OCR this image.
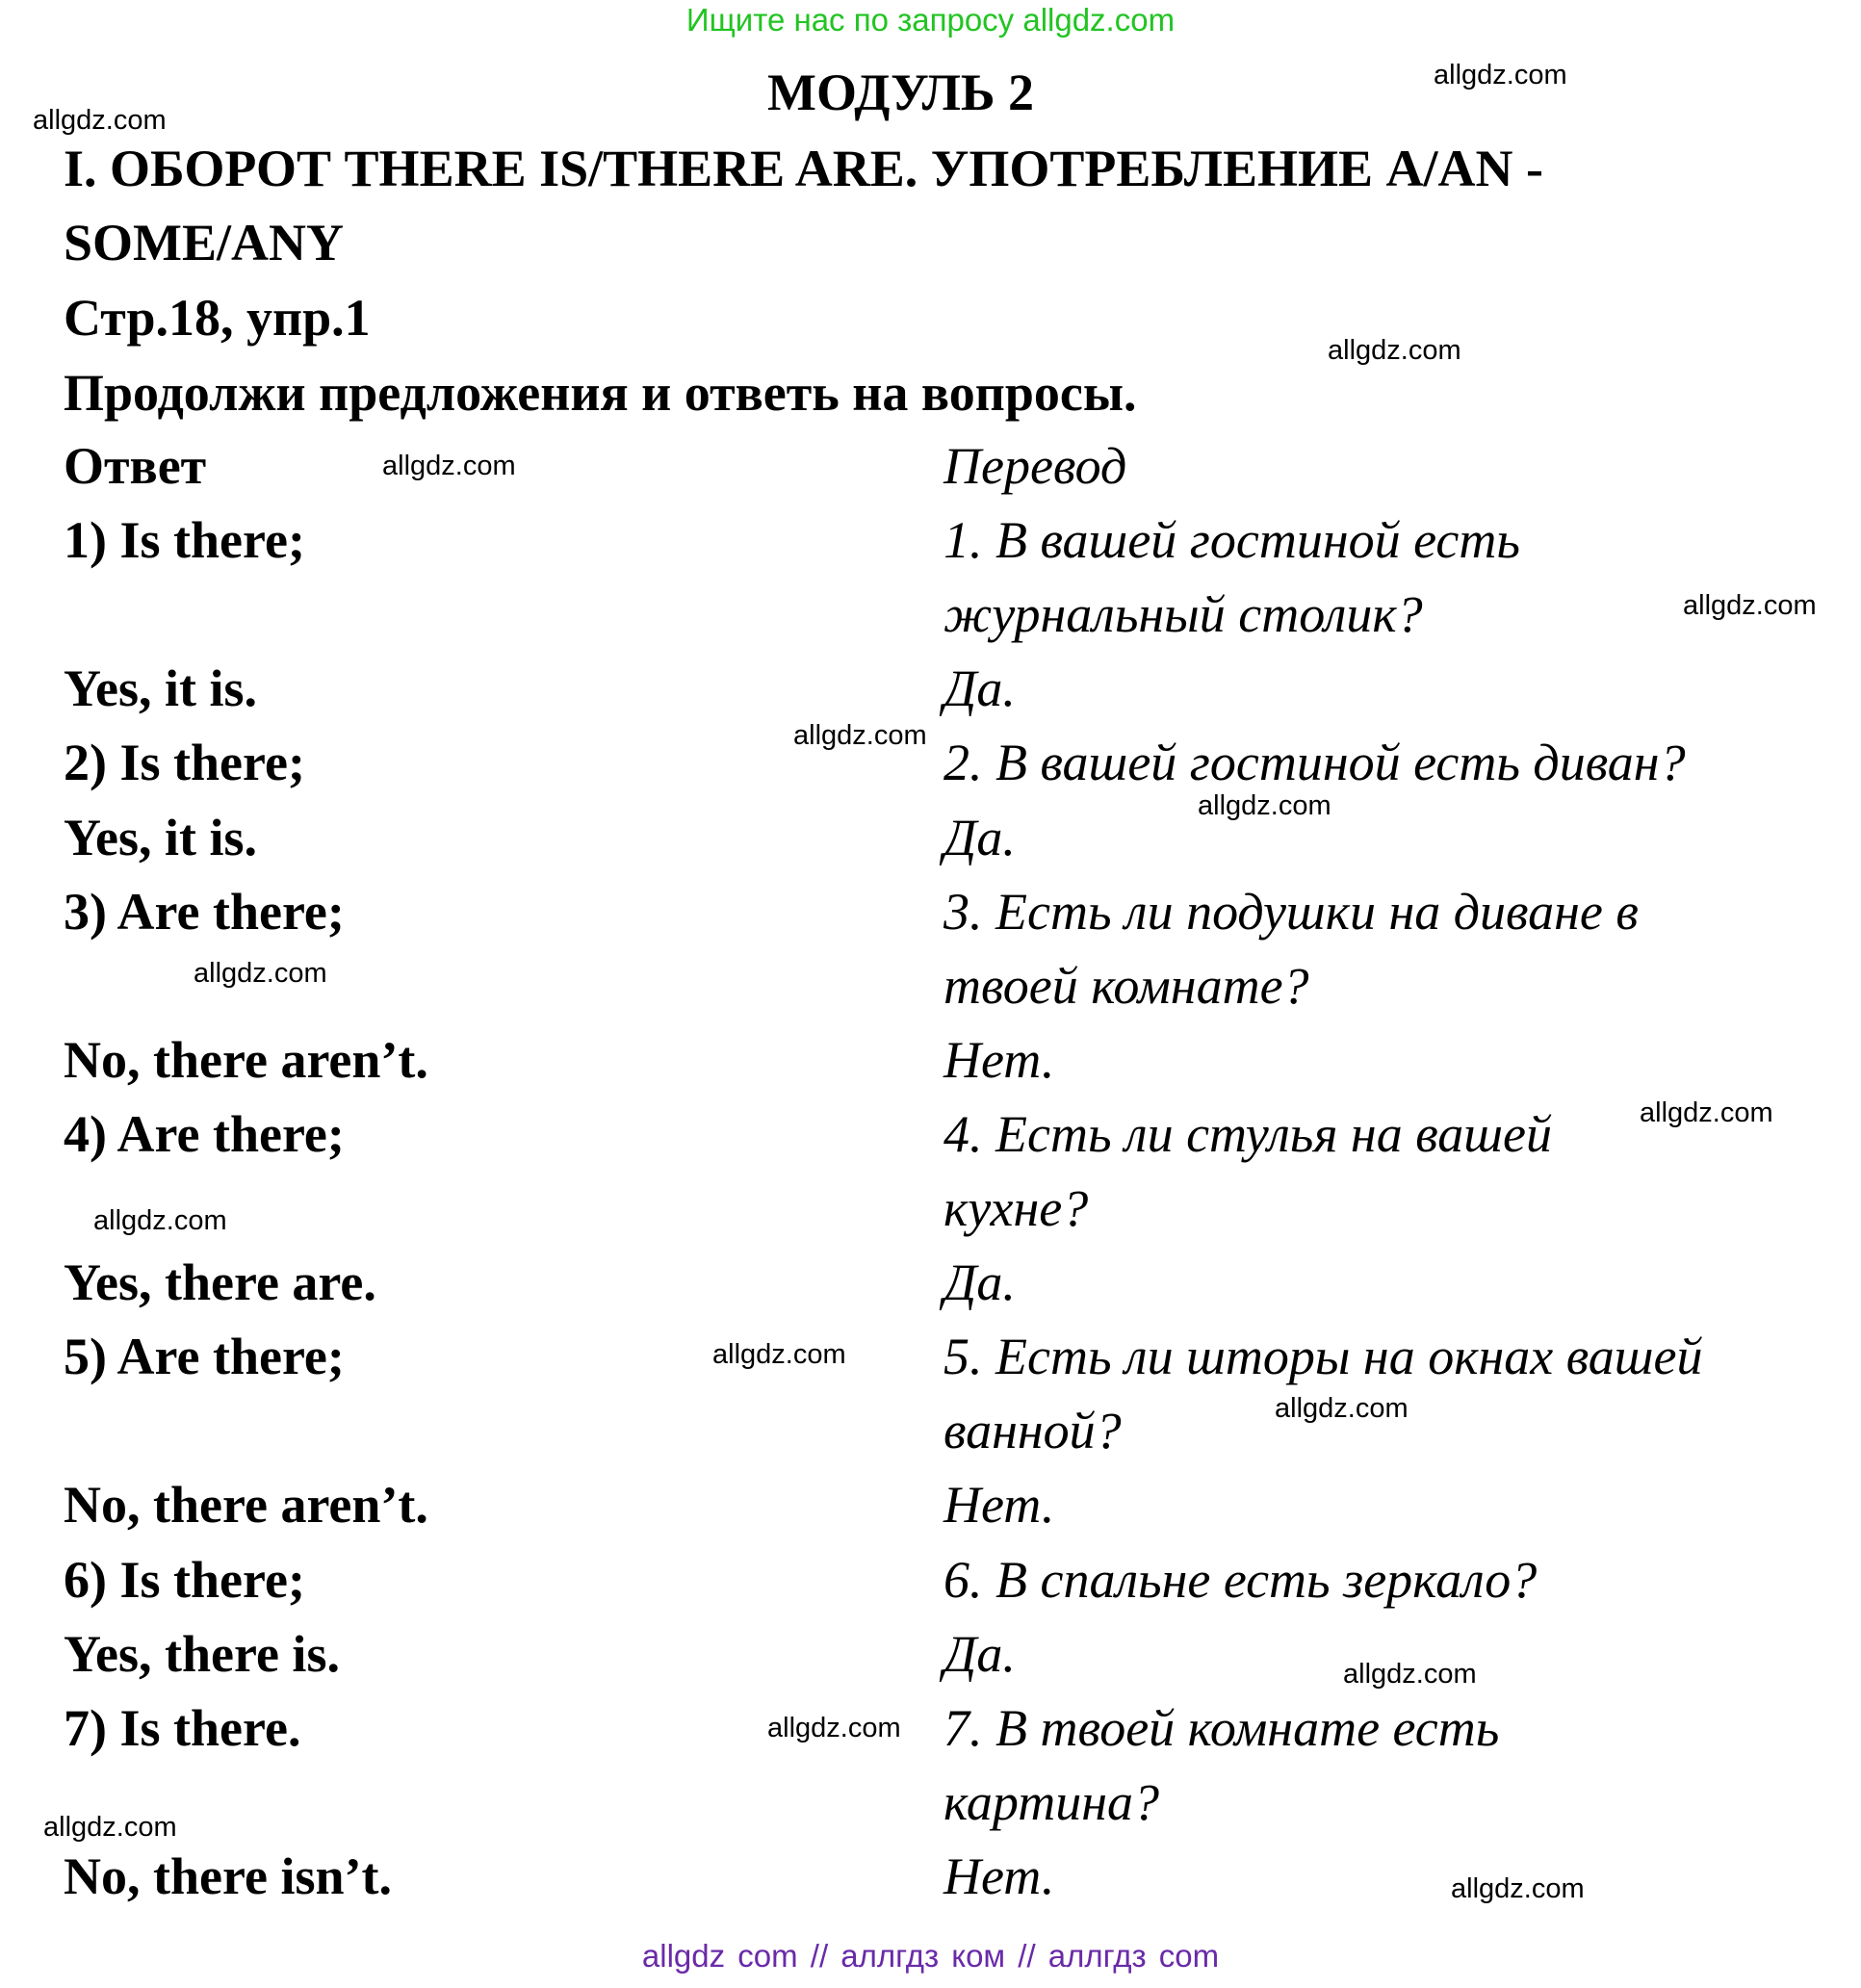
Ищите нас по запросу allgdz.com
МОДУЛЬ 2
I. ОБОРОТ THERE IS/THERE ARE. УПОТРЕБЛЕНИЕ A/AN -
SOME/ANY
Стр.18, упр.1
Продолжи предложения и ответь на вопросы.
Ответ	Перевод
1) Is there;	1. В вашей гостиной есть
журнальный столик?
Yes, it is.	Да.
2) Is there;	2. В вашей гостиной есть диван?
Yes, it is.	Да.
3) Are there;	3. Есть ли подушки на диване в
твоей комнате?
No, there aren’t.	Нет.
4) Are there;	4. Есть ли стулья на вашей
кухне?
Yes, there are.	Да.
5) Are there;	5. Есть ли шторы на окнах вашей
ванной?
No, there aren’t.	Нет.
6) Is there;	6. В спальне есть зеркало?
Yes, there is.	Да.
7) Is there.	7. В твоей комнате есть
картина?
No, there isn’t.	Нет.
allgdz.com
allgdz.com
allgdz.com
allgdz.com
allgdz.com
allgdz.com
allgdz.com
allgdz.com
allgdz.com
allgdz.com
allgdz.com
allgdz.com
allgdz.com
allgdz.com
allgdz.com
allgdz.com
allgdz com // аллгдз ком // аллгдз com
